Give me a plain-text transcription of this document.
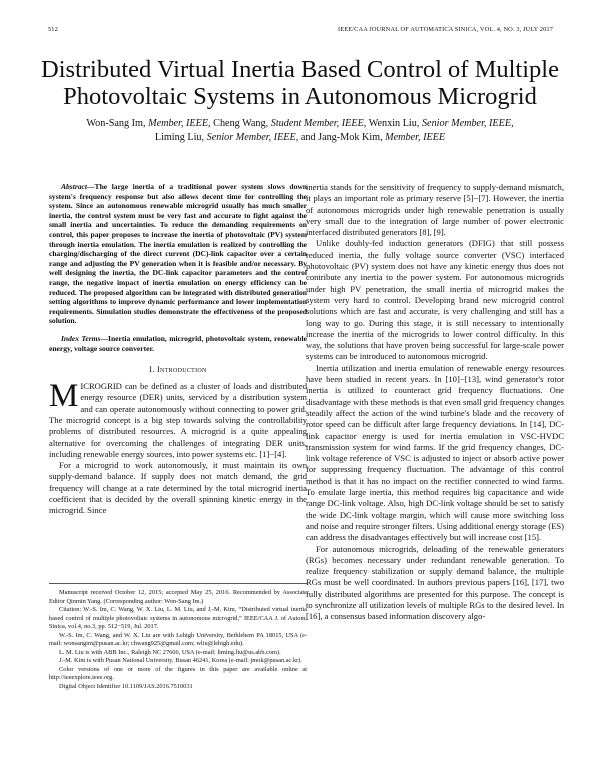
512	IEEE/CAA JOURNAL OF AUTOMATICA SINICA, VOL. 4, NO. 3, JULY 2017
Distributed Virtual Inertia Based Control of Multiple Photovoltaic Systems in Autonomous Microgrid
Won-Sang Im, Member, IEEE, Cheng Wang, Student Member, IEEE, Wenxin Liu, Senior Member, IEEE,
Liming Liu, Senior Member, IEEE, and Jang-Mok Kim, Member, IEEE

Abstract—The large inertia of a traditional power system slows down system's frequency response but also allows decent time for controlling the system. Since an autonomous renewable microgrid usually has much smaller inertia, the control system must be very fast and accurate to fight against the small inertia and uncertainties. To reduce the demanding requirements on control, this paper proposes to increase the inertia of photovoltaic (PV) system through inertia emulation. The inertia emulation is realized by controlling the charging/discharging of the direct current (DC)-link capacitor over a certain range and adjusting the PV generation when it is feasible and/or necessary. By well designing the inertia, the DC-link capacitor parameters and the control range, the negative impact of inertia emulation on energy efficiency can be reduced. The proposed algorithm can be integrated with distributed generation setting algorithms to improve dynamic performance and lower implementation requirements. Simulation studies demonstrate the effectiveness of the proposed solution.

Index Terms—Inertia emulation, microgrid, photovoltaic system, renewable energy, voltage source converter.

I. Introduction

MICROGRID can be defined as a cluster of loads and distributed energy resource (DER) units, serviced by a distribution system and can operate autonomously without connecting to power grid. The microgrid concept is a big step towards solving the controllability problems of distributed resources. A microgrid is a quite appealing alternative for overcoming the challenges of integrating DER units, including renewable energy sources, into power systems etc. [1]−[4].

For a microgrid to work autonomously, it must maintain its own supply-demand balance. If supply does not match demand, the grid frequency will change at a rate determined by the total microgrid inertia coefficient that is decided by the overall spinning kinetic energy in the microgrid. Since

Manuscript received October 12, 2015; accepted May 25, 2016. Recommended by Associate Editor Qinmin Yang. (Corresponding author: Won-Sang Im.)

Citation: W.-S. Im, C. Wang, W. X. Liu, L. M. Liu, and J.-M. Kim, “Distributed virtual inertia based control of multiple photovoltaic systems in autonomous microgrid,” IEEE/CAA J. of Autom. Sinica, vol.4, no.3, pp. 512−519, Jul. 2017.

W.-S. Im, C. Wang, and W. X. Liu are with Lehigh University, Bethlehem PA 18015, USA (e-mail: wonsangim@pusan.ac.kr; chwang925@gmail.com; wliu@lehigh.edu).

L. M. Liu is with ABB Inc., Raleigh NC 27606, USA (e-mail: liming.liu@us.abb.com).

J.-M. Kim is with Pusan National University, Busan 46241, Korea (e-mail: jmok@pusan.ac.kr).

Color versions of one or more of the figures in this paper are available online at http://ieeexplore.ieee.org.

Digital Object Identifier 10.1109/JAS.2016.7510031

inertia stands for the sensitivity of frequency to supply-demand mismatch, it plays an important role as primary reserve [5]−[7]. However, the inertia of autonomous microgrids under high renewable penetration is usually very small due to the integration of large number of power electronic interfaced distributed generators [8], [9].

Unlike doubly-fed induction generators (DFIG) that still possess reduced inertia, the fully voltage source converter (VSC) interfaced photovoltaic (PV) system does not have any kinetic energy thus does not contribute any inertia to the power system. For autonomous microgrids under high PV penetration, the small inertia of microgrid makes the system very hard to control. Developing brand new microgrid control solutions which are fast and accurate, is very challenging and still has a long way to go. During this stage, it is still necessary to intentionally increase the inertia of the microgrids to lower control difficulty. In this way, the solutions that have proven being successful for large-scale power systems can be introduced to autonomous microgrid.

Inertia utilization and inertia emulation of renewable energy resources have been studied in recent years. In [10]−[13], wind generator's rotor inertia is utilized to counteract grid frequency fluctuations. One disadvantage with these methods is that even small grid frequency changes steadily affect the action of the wind turbine's blade and the recovery of rotor speed can be difficult after large frequency deviations. In [14], DC-link capacitor energy is used for inertia emulation in VSC-HVDC transmission system for wind farms. If the grid frequency changes, DC-link voltage reference of VSC is adjusted to inject or absorb active power for suppressing frequency fluctuation. The advantage of this control method is that it has no impact on the rectifier connected to wind farms. To emulate large inertia, this method requires big capacitance and wide range DC-link voltage. Also, high DC-link voltage should be set to satisfy the wide DC-link voltage margin, which will cause more switching loss and noise and require stronger filters. Using additional energy storage (ES) can address the disadvantages effectively but will increase cost [15].

For autonomous microgrids, deloading of the renewable generators (RGs) becomes necessary under redundant renewable generation. To realize frequency stabilization or supply demand balance, the multiple RGs must be well coordinated. In authors previous papers [16], [17], two fully distributed algorithms are presented for this purpose. The concept is to synchronize all utilization levels of multiple RGs to the desired level. In [16], a consensus based information discovery algo-
